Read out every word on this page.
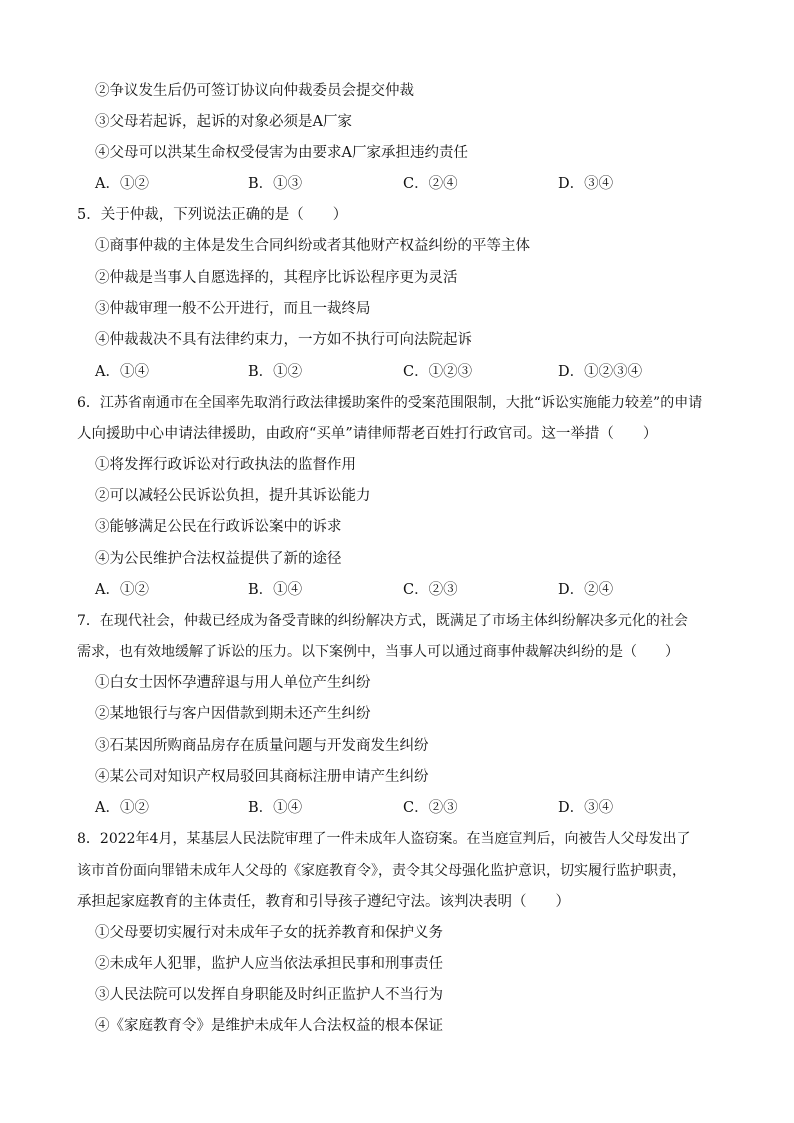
②争议发生后仍可签订协议向仲裁委员会提交仲裁
③父母若起诉，起诉的对象必须是A厂家
④父母可以洪某生命权受侵害为由要求A厂家承担违约责任
A．①②	B．①③	C．②④	D．③④
5．关于仲裁，下列说法正确的是（　　）
①商事仲裁的主体是发生合同纠纷或者其他财产权益纠纷的平等主体
②仲裁是当事人自愿选择的，其程序比诉讼程序更为灵活
③仲裁审理一般不公开进行，而且一裁终局
④仲裁裁决不具有法律约束力，一方如不执行可向法院起诉
A．①④	B．①②	C．①②③	D．①②③④
6．江苏省南通市在全国率先取消行政法律援助案件的受案范围限制，大批“诉讼实施能力较差”的申请
人向援助中心申请法律援助，由政府“买单”请律师帮老百姓打行政官司。这一举措（　　）
①将发挥行政诉讼对行政执法的监督作用
②可以减轻公民诉讼负担，提升其诉讼能力
③能够满足公民在行政诉讼案中的诉求
④为公民维护合法权益提供了新的途径
A．①②	B．①④	C．②③	D．②④
7．在现代社会，仲裁已经成为备受青睐的纠纷解决方式，既满足了市场主体纠纷解决多元化的社会
需求，也有效地缓解了诉讼的压力。以下案例中，当事人可以通过商事仲裁解决纠纷的是（　　）
①白女士因怀孕遭辞退与用人单位产生纠纷
②某地银行与客户因借款到期未还产生纠纷
③石某因所购商品房存在质量问题与开发商发生纠纷
④某公司对知识产权局驳回其商标注册申请产生纠纷
A．①②	B．①④	C．②③	D．③④
8．2022年4月，某基层人民法院审理了一件未成年人盗窃案。在当庭宣判后，向被告人父母发出了
该市首份面向罪错未成年人父母的《家庭教育令》，责令其父母强化监护意识，切实履行监护职责，
承担起家庭教育的主体责任，教育和引导孩子遵纪守法。该判决表明（　　）
①父母要切实履行对未成年子女的抚养教育和保护义务
②未成年人犯罪，监护人应当依法承担民事和刑事责任
③人民法院可以发挥自身职能及时纠正监护人不当行为
④《家庭教育令》是维护未成年人合法权益的根本保证
